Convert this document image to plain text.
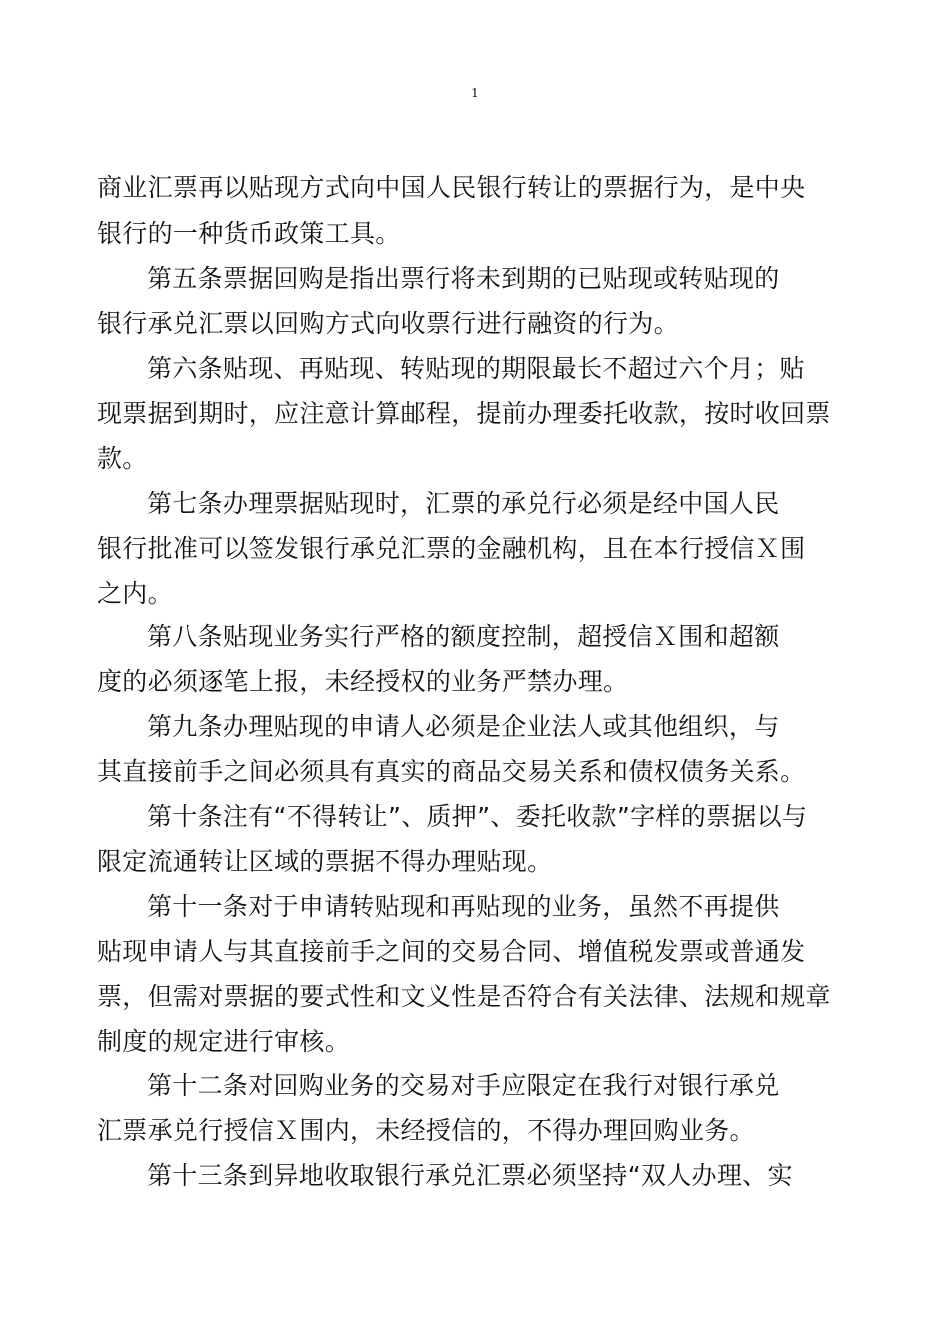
1
商业汇票再以贴现方式向中国人民银行转让的票据行为，是中央
银行的一种货币政策工具。
第五条票据回购是指出票行将未到期的已贴现或转贴现的
银行承兑汇票以回购方式向收票行进行融资的行为。
第六条贴现、再贴现、转贴现的期限最长不超过六个月；贴
现票据到期时，应注意计算邮程，提前办理委托收款，按时收回票
款。
第七条办理票据贴现时，汇票的承兑行必须是经中国人民
银行批准可以签发银行承兑汇票的金融机构，且在本行授信Ｘ围
之内。
第八条贴现业务实行严格的额度控制，超授信Ｘ围和超额
度的必须逐笔上报，未经授权的业务严禁办理。
第九条办理贴现的申请人必须是企业法人或其他组织，与
其直接前手之间必须具有真实的商品交易关系和债权债务关系。
第十条注有“不得转让”、质押”、委托收款”字样的票据以与
限定流通转让区域的票据不得办理贴现。
第十一条对于申请转贴现和再贴现的业务，虽然不再提供
贴现申请人与其直接前手之间的交易合同、增值税发票或普通发
票，但需对票据的要式性和文义性是否符合有关法律、法规和规章
制度的规定进行审核。
第十二条对回购业务的交易对手应限定在我行对银行承兑
汇票承兑行授信Ｘ围内，未经授信的，不得办理回购业务。
第十三条到异地收取银行承兑汇票必须坚持“双人办理、实
